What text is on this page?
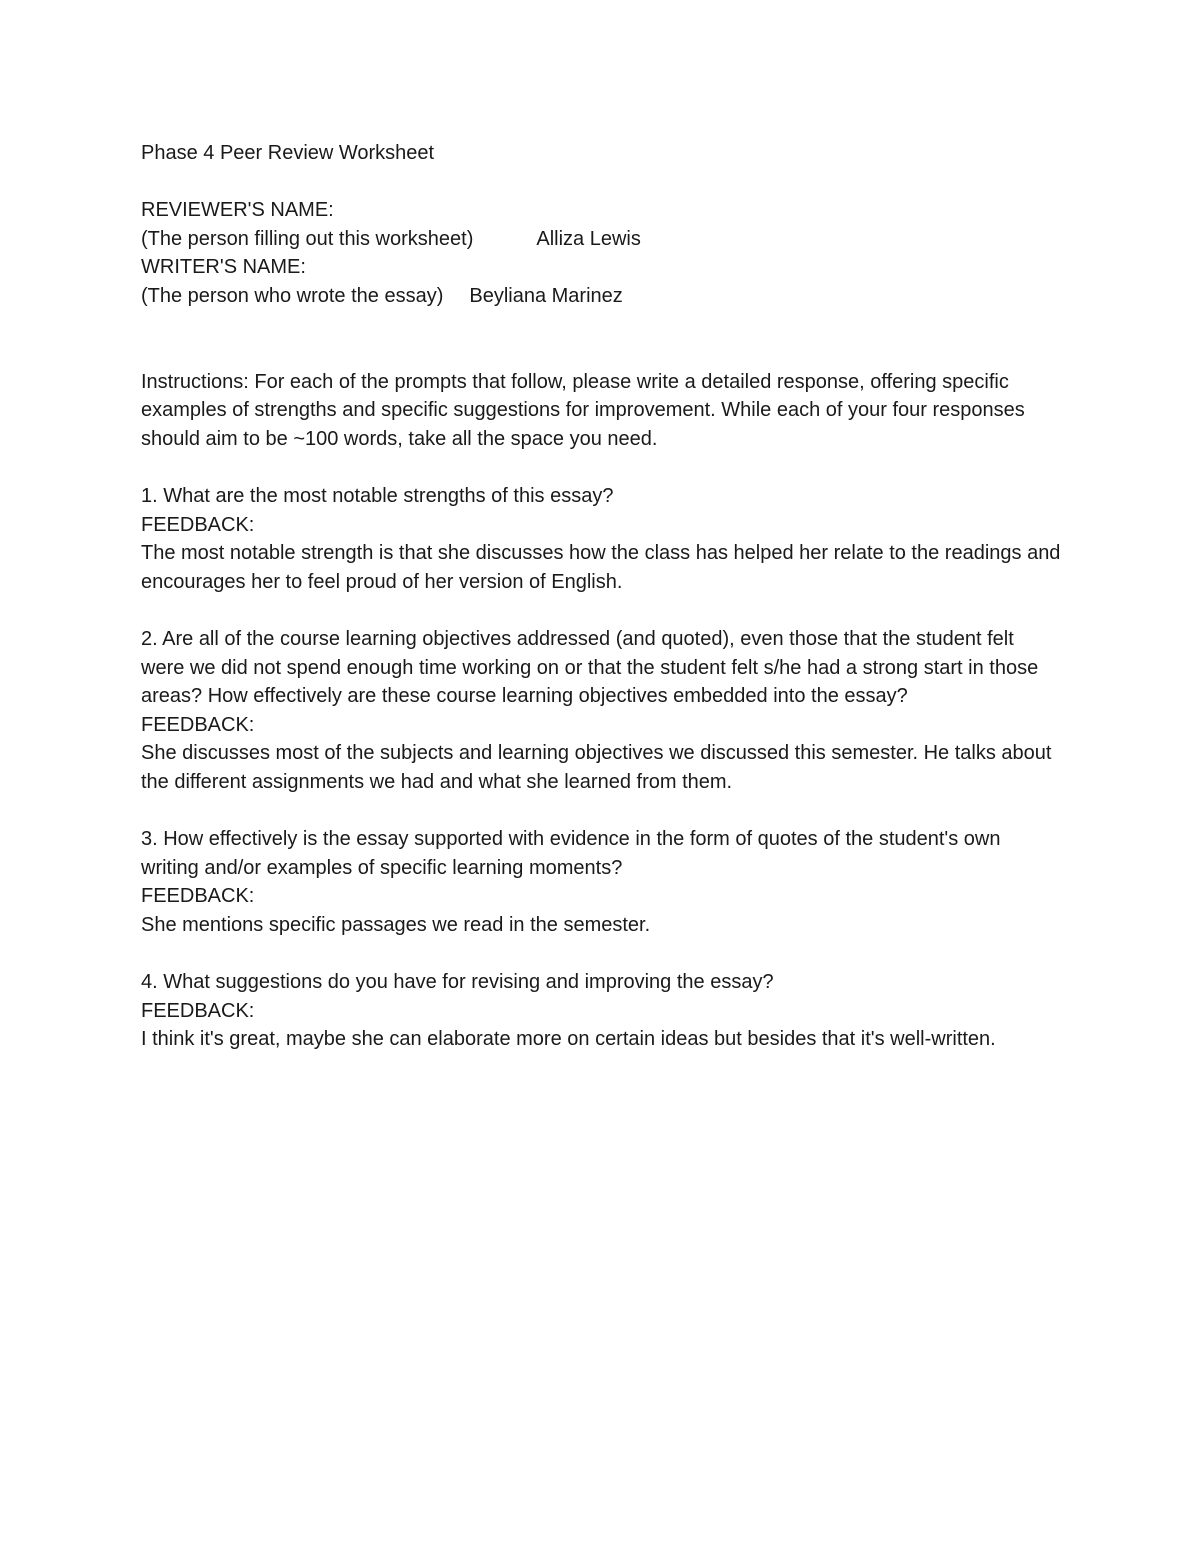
Phase 4 Peer Review Worksheet
REVIEWER'S NAME:
(The person filling out this worksheet)	Alliza Lewis
WRITER'S NAME:
(The person who wrote the essay) Beyliana Marinez

Instructions: For each of the prompts that follow, please write a detailed response, offering specific examples of strengths and specific suggestions for improvement. While each of your four responses should aim to be ~100 words, take all the space you need.

1. What are the most notable strengths of this essay?

FEEDBACK:

The most notable strength is that she discusses how the class has helped her relate to the readings and encourages her to feel proud of her version of English.

2. Are all of the course learning objectives addressed (and quoted), even those that the student felt were we did not spend enough time working on or that the student felt s/he had a strong start in those areas? How effectively are these course learning objectives embedded into the essay?

FEEDBACK:

She discusses most of the subjects and learning objectives we discussed this semester. He talks about the different assignments we had and what she learned from them.

3. How effectively is the essay supported with evidence in the form of quotes of the student's own writing and/or examples of specific learning moments?

FEEDBACK:

She mentions specific passages we read in the semester.

4. What suggestions do you have for revising and improving the essay?

FEEDBACK:

I think it's great, maybe she can elaborate more on certain ideas but besides that it's well-written.
